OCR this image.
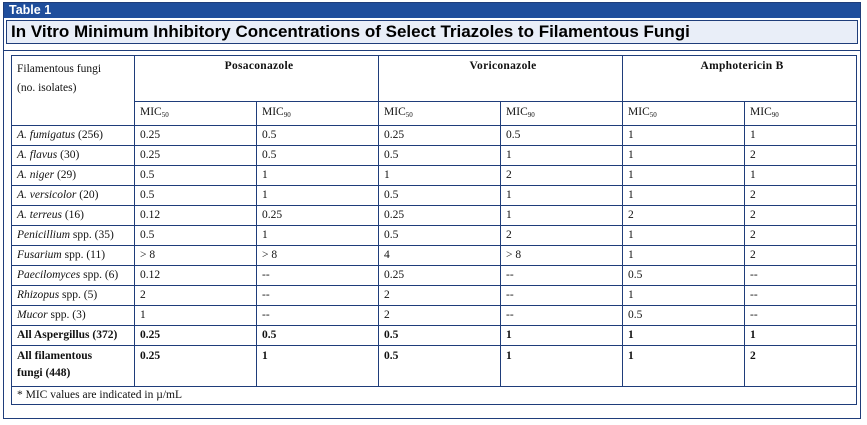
Table 1
In Vitro Minimum Inhibitory Concentrations of Select Triazoles to Filamentous Fungi
Filamentous fungi
(no. isolates)	Posaconazole		Voriconazole		Amphotericin B	
	$MIC_{50}$	$MIC_{90}$	$MIC_{50}$	$MIC_{90}$	$MIC_{50}$	$MIC_{90}$
A. fumigatus (256)	0.25	0.5	0.25	0.5	1	1
A. flavus (30)	0.25	0.5	0.5	1	1	2
A. niger (29)	0.5	1	1	2	1	1
A. versicolor (20)	0.5	1	0.5	1	1	2
A. terreus (16)	0.12	0.25	0.25	1	2	2
Penicillium spp. (35)	0.5	1	0.5	2	1	2
Fusarium spp. (11)	> 8	> 8	4	> 8	1	2
Paecilomyces spp. (6)	0.12	--	0.25	--	0.5	--
Rhizopus spp. (5)	2	--	2	--	1	--
Mucor spp. (3)	1	--	2	--	0.5	--
All Aspergillus (372)	0.25	0.5	0.5	1	1	1
All filamentous
fungi (448)	0.25	1	0.5	1	1	2
* MIC values are indicated in µ/mL						
